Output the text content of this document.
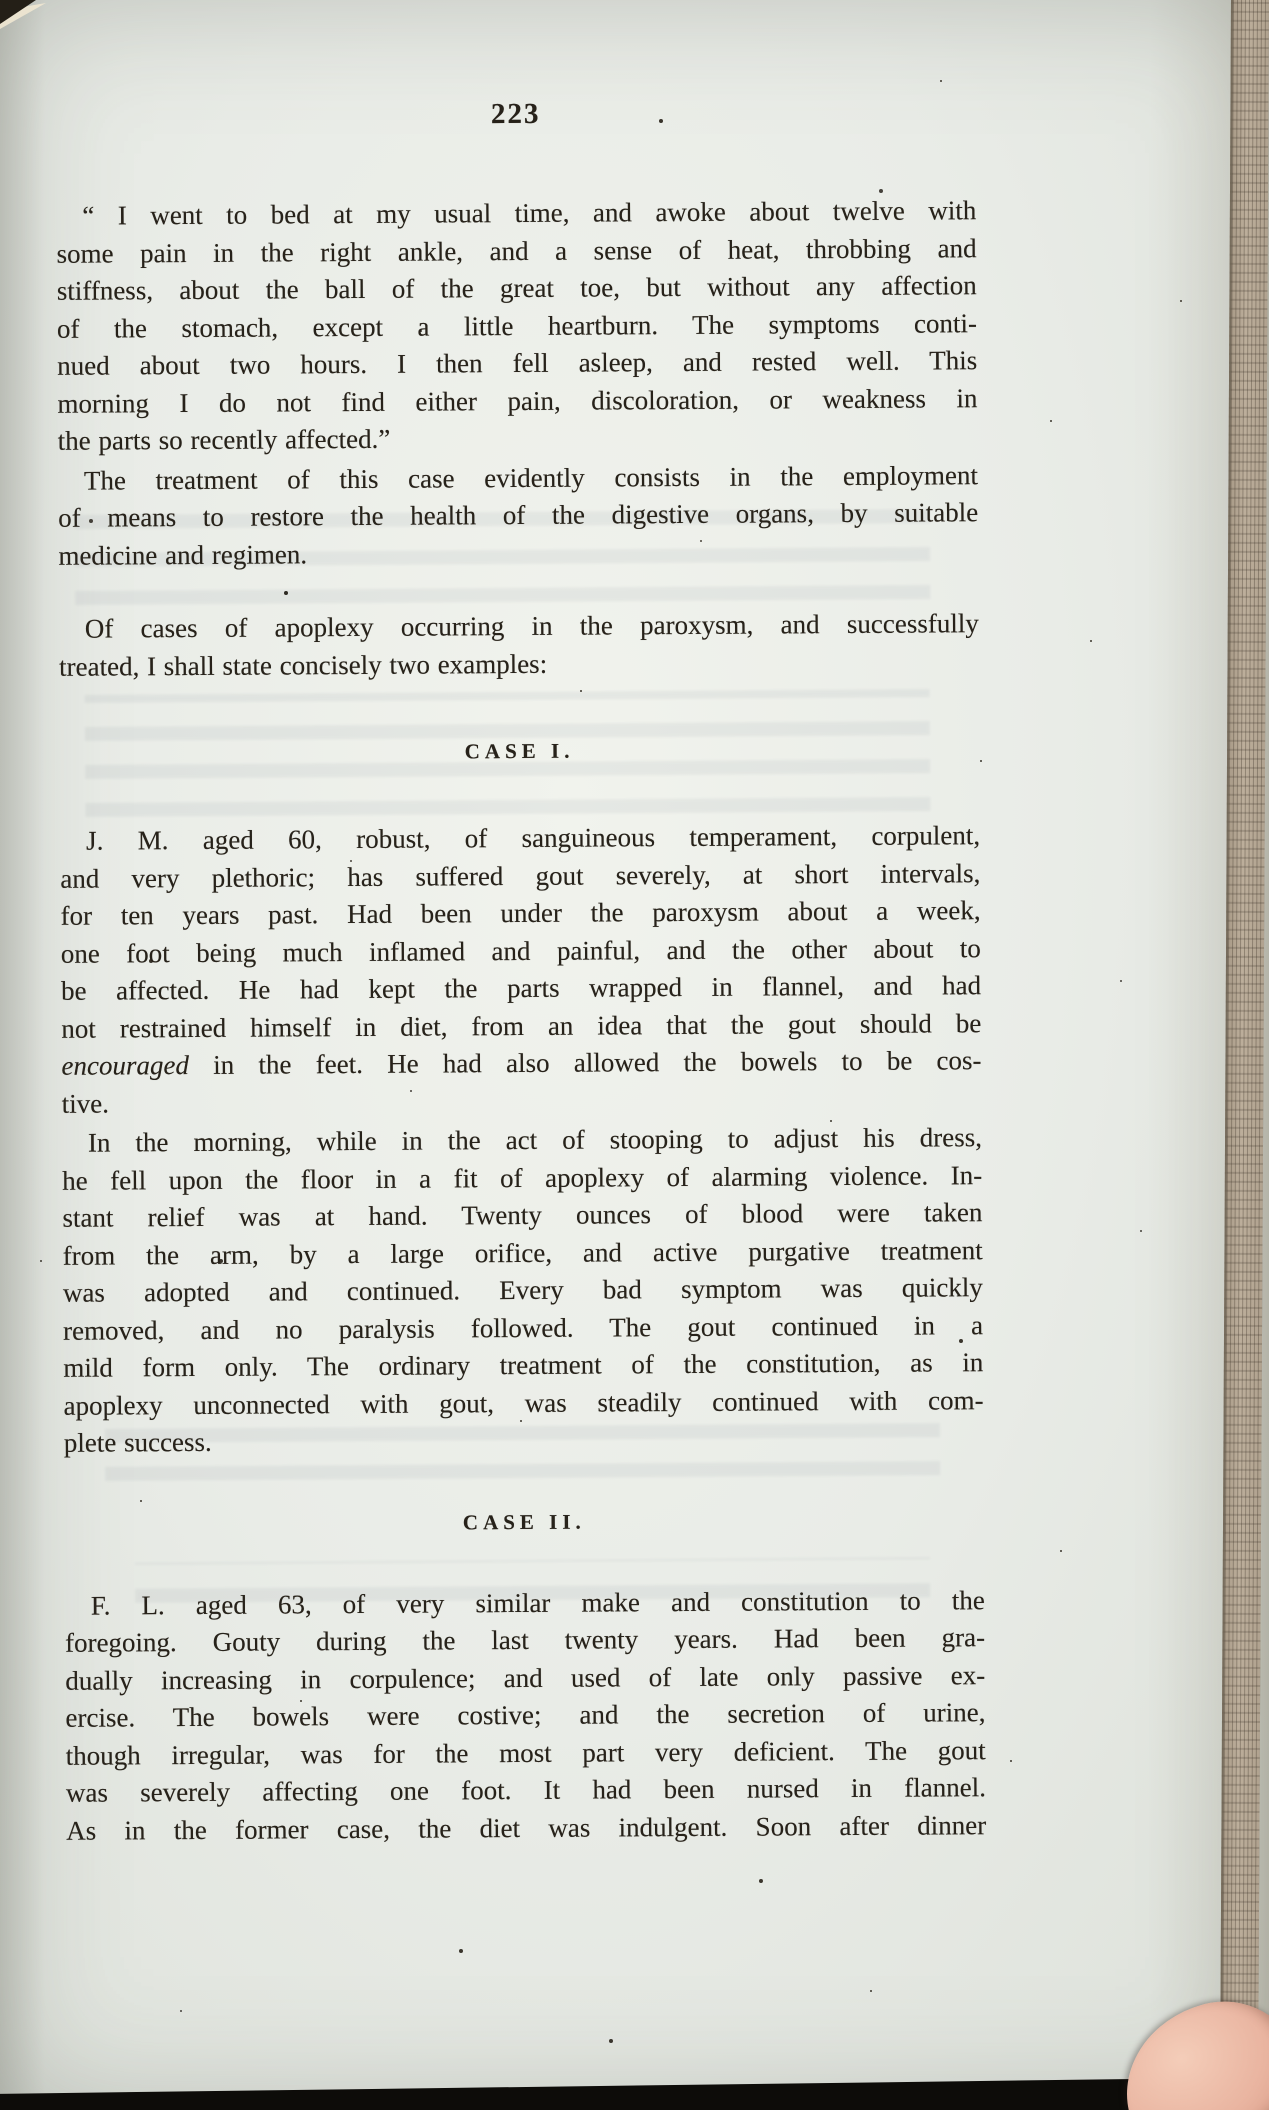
223
“ I went to bed at my usual time, and awoke about twelve with
some pain in the right ankle, and a sense of heat, throbbing and
stiffness, about the ball of the great toe, but without any affection
of the stomach, except a little heartburn. The symptoms conti-
nued about two hours. I then fell asleep, and rested well. This
morning I do not find either pain, discoloration, or weakness in
the parts so recently affected.”
The treatment of this case evidently consists in the employment
of means to restore the health of the digestive organs, by suitable
medicine and regimen.
Of cases of apoplexy occurring in the paroxysm, and successfully
treated, I shall state concisely two examples:
CASE I.
J. M. aged 60, robust, of sanguineous temperament, corpulent,
and very plethoric; has suffered gout severely, at short intervals,
for ten years past. Had been under the paroxysm about a week,
one foot being much inflamed and painful, and the other about to
be affected. He had kept the parts wrapped in flannel, and had
not restrained himself in diet, from an idea that the gout should be
encouraged in the feet. He had also allowed the bowels to be cos-
tive.
In the morning, while in the act of stooping to adjust his dress,
he fell upon the floor in a fit of apoplexy of alarming violence. In-
stant relief was at hand. Twenty ounces of blood were taken
from the arm, by a large orifice, and active purgative treatment
was adopted and continued. Every bad symptom was quickly
removed, and no paralysis followed. The gout continued in a
mild form only. The ordinary treatment of the constitution, as in
apoplexy unconnected with gout, was steadily continued with com-
plete success.
CASE II.
F. L. aged 63, of very similar make and constitution to the
foregoing. Gouty during the last twenty years. Had been gra-
dually increasing in corpulence; and used of late only passive ex-
ercise. The bowels were costive; and the secretion of urine,
though irregular, was for the most part very deficient. The gout
was severely affecting one foot. It had been nursed in flannel.
As in the former case, the diet was indulgent. Soon after dinner
